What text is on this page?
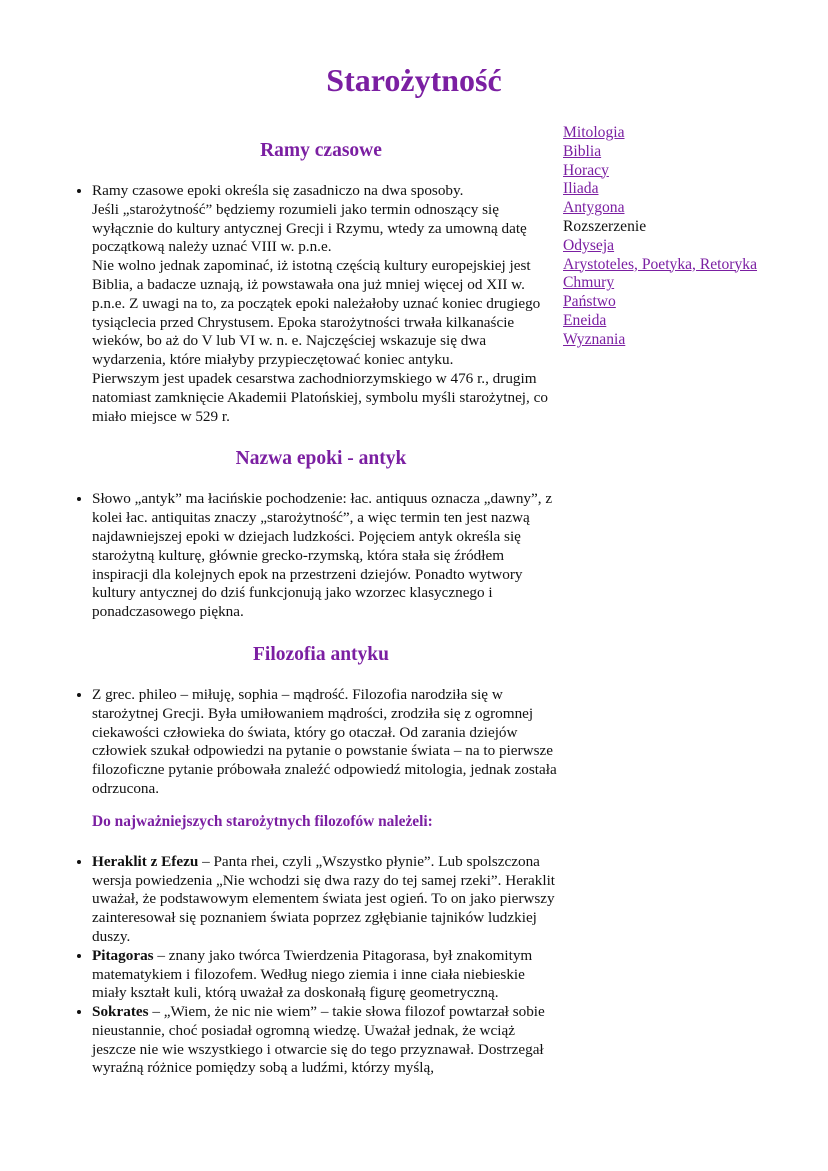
Starożytność
Ramy czasowe

• Ramy czasowe epoki określa się zasadniczo na dwa sposoby.

Jeśli „starożytność” będziemy rozumieli jako termin odnoszący się wyłącznie do kultury antycznej Grecji i Rzymu, wtedy za umowną datę początkową należy uznać VIII w. p.n.e.

Nie wolno jednak zapominać, iż istotną częścią kultury europejskiej jest Biblia, a badacze uznają, iż powstawała ona już mniej więcej od XII w. p.n.e. Z uwagi na to, za początek epoki należałoby uznać koniec drugiego tysiąclecia przed Chrystusem. Epoka starożytności trwała kilkanaście wieków, bo aż do V lub VI w. n. e. Najczęściej wskazuje się dwa wydarzenia, które miałyby przypieczętować koniec antyku.

Pierwszym jest upadek cesarstwa zachodniorzymskiego w 476 r., drugim natomiast zamknięcie Akademii Platońskiej, symbolu myśli starożytnej, co miało miejsce w 529 r.

Nazwa epoki - antyk

• Słowo „antyk” ma łacińskie pochodzenie: łac. antiquus oznacza „dawny”, z kolei łac. antiquitas znaczy „starożytność”, a więc termin ten jest nazwą najdawniejszej epoki w dziejach ludzkości. Pojęciem antyk określa się starożytną kulturę, głównie grecko-rzymską, która stała się źródłem inspiracji dla kolejnych epok na przestrzeni dziejów. Ponadto wytwory kultury antycznej do dziś funkcjonują jako wzorzec klasycznego i ponadczasowego piękna.

Filozofia antyku

• Z grec. phileo – miłuję, sophia – mądrość. Filozofia narodziła się w starożytnej Grecji. Była umiłowaniem mądrości, zrodziła się z ogromnej ciekawości człowieka do świata, który go otaczał. Od zarania dziejów człowiek szukał odpowiedzi na pytanie o powstanie świata – na to pierwsze filozoficzne pytanie próbowała znaleźć odpowiedź mitologia, jednak została odrzucona.

Do najważniejszych starożytnych filozofów należeli:
• Heraklit z Efezu – Panta rhei, czyli „Wszystko płynie”. Lub spolszczona wersja powiedzenia „Nie wchodzi się dwa razy do tej samej rzeki”. Heraklit uważał, że podstawowym elementem świata jest ogień. To on jako pierwszy zainteresował się poznaniem świata poprzez zgłębianie tajników ludzkiej duszy.
• Pitagoras – znany jako twórca Twierdzenia Pitagorasa, był znakomitym matematykiem i filozofem. Według niego ziemia i inne ciała niebieskie miały kształt kuli, którą uważał za doskonałą figurę geometryczną.
• Sokrates – „Wiem, że nic nie wiem” – takie słowa filozof powtarzał sobie nieustannie, choć posiadał ogromną wiedzę. Uważał jednak, że wciąż jeszcze nie wie wszystkiego i otwarcie się do tego przyznawał. Dostrzegał wyraźną różnice pomiędzy sobą a ludźmi, którzy myślą,
Mitologia
Biblia
Horacy
Iliada
Antygona
Rozszerzenie
Odyseja
Arystoteles, Poetyka, Retoryka
Chmury
Państwo
Eneida
Wyznania
